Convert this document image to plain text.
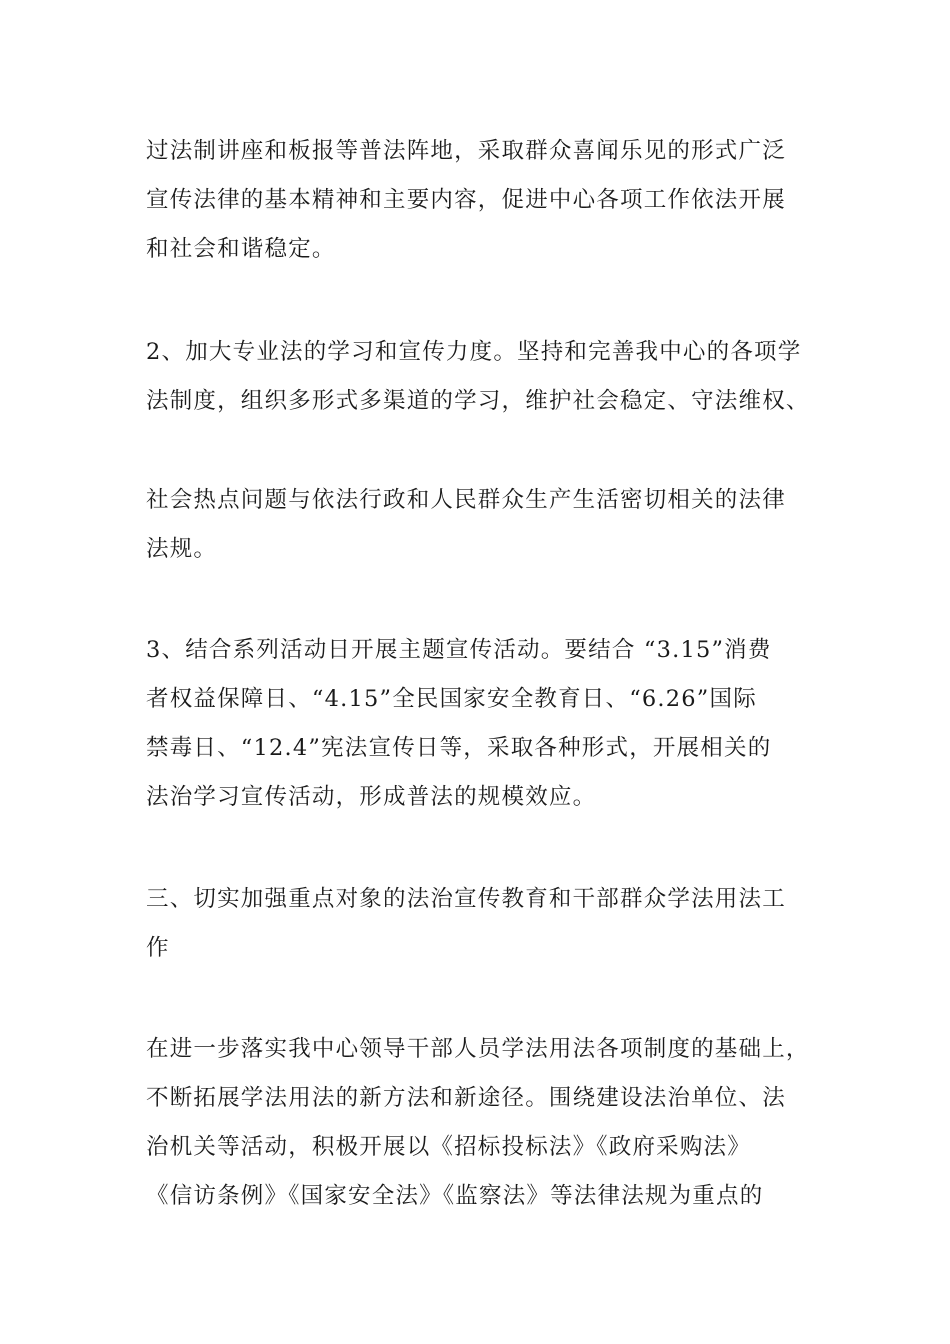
过法制讲座和板报等普法阵地，采取群众喜闻乐见的形式广泛
宣传法律的基本精神和主要内容，促进中心各项工作依法开展
和社会和谐稳定。
2、加大专业法的学习和宣传力度。坚持和完善我中心的各项学
法制度，组织多形式多渠道的学习，维护社会稳定、守法维权、
社会热点问题与依法行政和人民群众生产生活密切相关的法律
法规。
3、结合系列活动日开展主题宣传活动。要结合 “3.15”消费
者权益保障日、“4.15”全民国家安全教育日、“6.26”国际
禁毒日、“12.4”宪法宣传日等，采取各种形式，开展相关的
法治学习宣传活动，形成普法的规模效应。
三、切实加强重点对象的法治宣传教育和干部群众学法用法工
作
在进一步落实我中心领导干部人员学法用法各项制度的基础上，
不断拓展学法用法的新方法和新途径。围绕建设法治单位、法
治机关等活动，积极开展以《招标投标法》《政府采购法》
《信访条例》《国家安全法》《监察法》等法律法规为重点的
